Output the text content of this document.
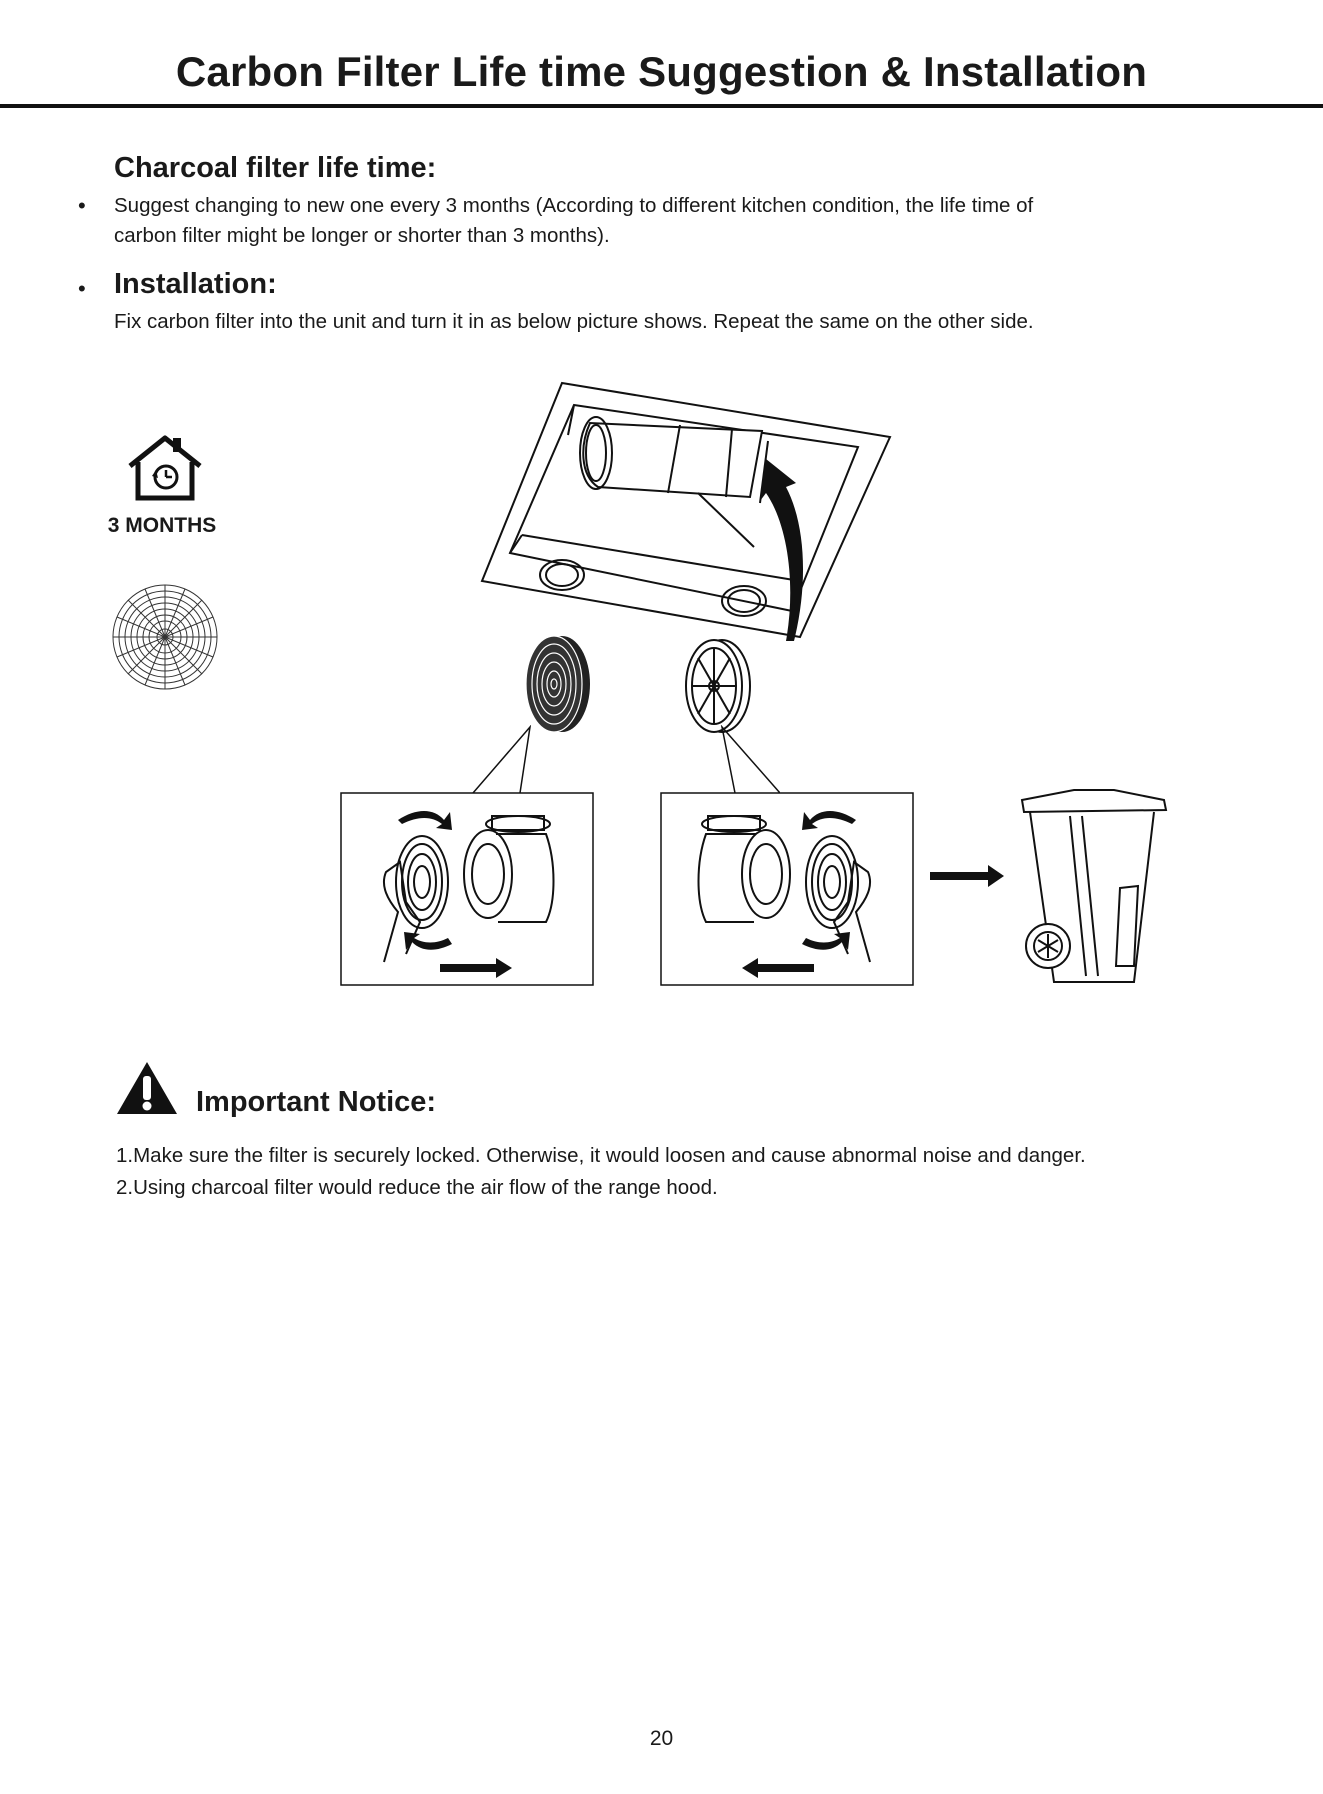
Carbon Filter Life time Suggestion & Installation
Charcoal filter life time:
• Suggest changing to new one every 3 months (According to different kitchen condition, the life time of
carbon filter might be longer or shorter than 3 months).
• Installation:
Fix carbon filter into the unit and turn it in as below picture shows. Repeat the same on the other side.
3 MONTHS
Important Notice:
1.Make sure the filter is securely locked. Otherwise, it would loosen and cause abnormal noise and danger.
2.Using charcoal filter would reduce the air flow of the range hood.
20
